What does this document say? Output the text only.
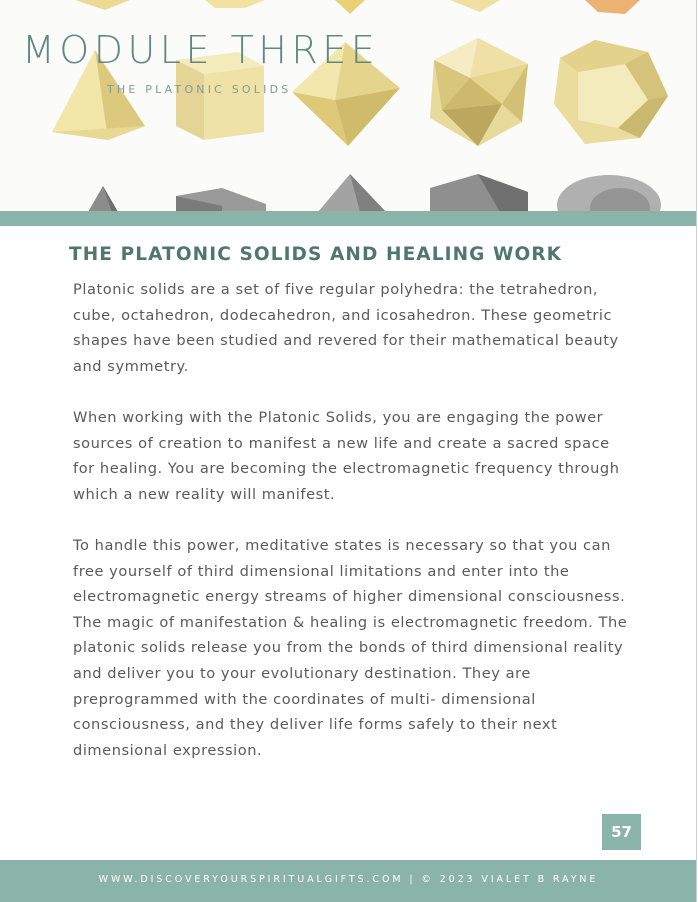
MODULE THREE
THE PLATONIC SOLIDS
THE PLATONIC SOLIDS AND HEALING WORK

Platonic solids are a set of five regular polyhedra: the tetrahedron, cube, octahedron, dodecahedron, and icosahedron. These geometric shapes have been studied and revered for their mathematical beauty and symmetry.

When working with the Platonic Solids, you are engaging the power sources of creation to manifest a new life and create a sacred space for healing. You are becoming the electromagnetic frequency through which a new reality will manifest.

To handle this power, meditative states is necessary so that you can free yourself of third dimensional limitations and enter into the electromagnetic energy streams of higher dimensional consciousness. The magic of manifestation & healing is electromagnetic freedom. The platonic solids release you from the bonds of third dimensional reality and deliver you to your evolutionary destination. They are preprogrammed with the coordinates of multi- dimensional consciousness, and they deliver life forms safely to their next dimensional expression.

57
WWW.DISCOVERYOURSPIRITUALGIFTS.COM | © 2023 VIALET B RAYNE
